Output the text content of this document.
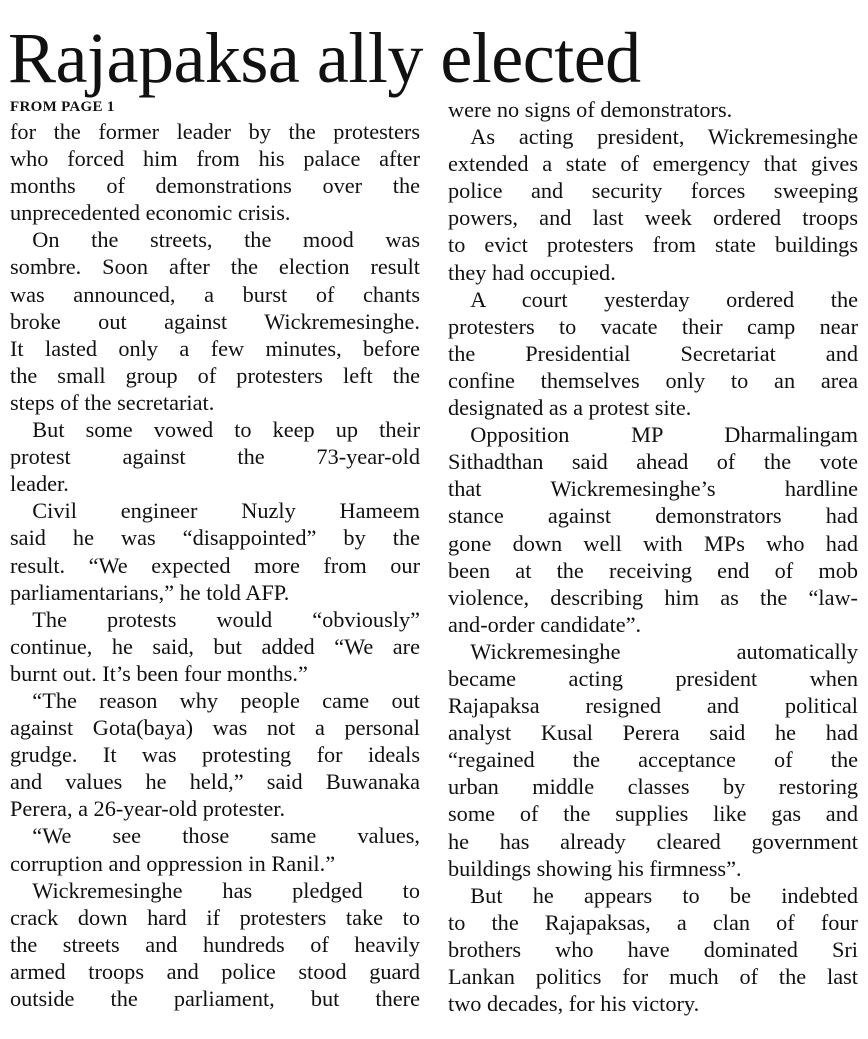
Rajapaksa ally elected
FROM PAGE 1
for the former leader by the protesters
who forced him from his palace after
months of demonstrations over the
unprecedented economic crisis.
 On the streets, the mood was
sombre. Soon after the election result
was announced, a burst of chants
broke out against Wickremesinghe.
It lasted only a few minutes, before
the small group of protesters left the
steps of the secretariat.
 But some vowed to keep up their
protest against the 73-year-old
leader.
 Civil engineer Nuzly Hameem
said he was “disappointed” by the
result. “We expected more from our
parliamentarians,” he told AFP.
 The protests would “obviously”
continue, he said, but added “We are
burnt out. It’s been four months.”
 “The reason why people came out
against Gota(baya) was not a personal
grudge. It was protesting for ideals
and values he held,” said Buwanaka
Perera, a 26-year-old protester.
 “We see those same values,
corruption and oppression in Ranil.”
 Wickremesinghe has pledged to
crack down hard if protesters take to
the streets and hundreds of heavily
armed troops and police stood guard
outside the parliament, but there
were no signs of demonstrators.
 As acting president, Wickremesinghe
extended a state of emergency that gives
police and security forces sweeping
powers, and last week ordered troops
to evict protesters from state buildings
they had occupied.
 A court yesterday ordered the
protesters to vacate their camp near
the Presidential Secretariat and
confine themselves only to an area
designated as a protest site.
 Opposition MP Dharmalingam
Sithadthan said ahead of the vote
that Wickremesinghe’s hardline
stance against demonstrators had
gone down well with MPs who had
been at the receiving end of mob
violence, describing him as the “law-
and-order candidate”.
 Wickremesinghe automatically
became acting president when
Rajapaksa resigned and political
analyst Kusal Perera said he had
“regained the acceptance of the
urban middle classes by restoring
some of the supplies like gas and
he has already cleared government
buildings showing his firmness”.
 But he appears to be indebted
to the Rajapaksas, a clan of four
brothers who have dominated Sri
Lankan politics for much of the last
two decades, for his victory.
